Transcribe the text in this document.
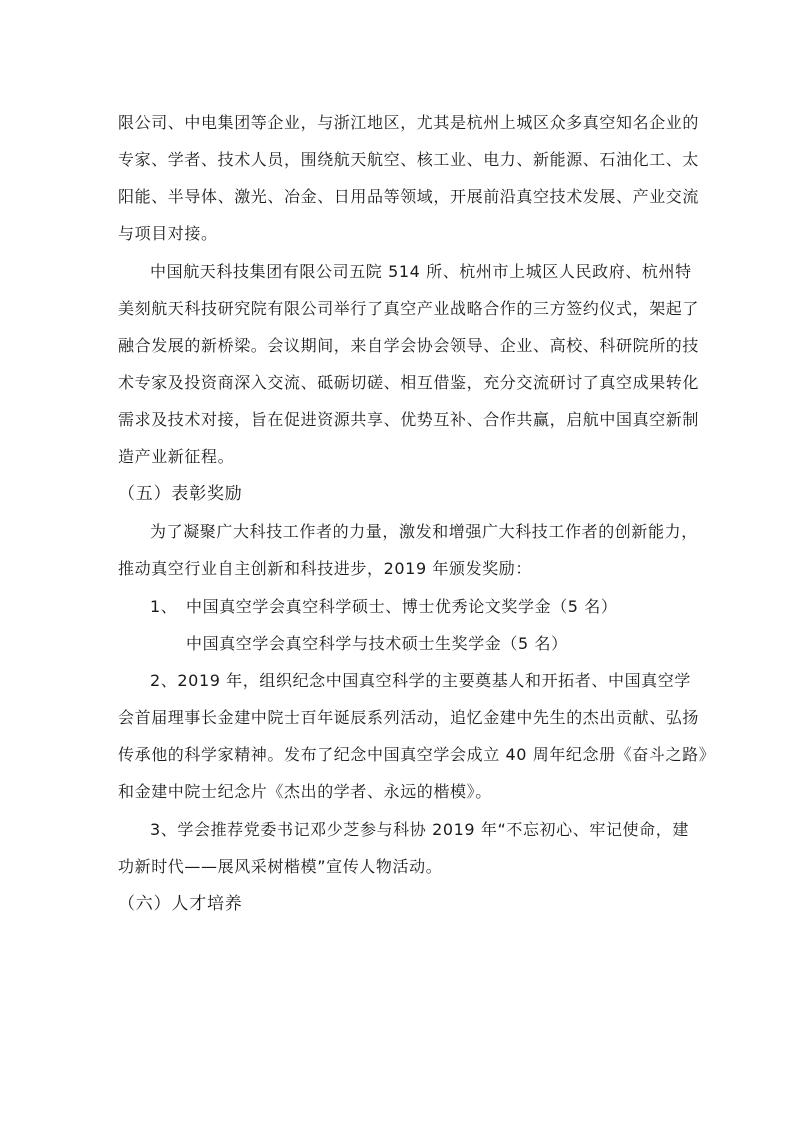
限公司、中电集团等企业，与浙江地区，尤其是杭州上城区众多真空知名企业的
专家、学者、技术人员，围绕航天航空、核工业、电力、新能源、石油化工、太
阳能、半导体、激光、冶金、日用品等领域，开展前沿真空技术发展、产业交流
与项目对接。
中国航天科技集团有限公司五院 514 所、杭州市上城区人民政府、杭州特
美刻航天科技研究院有限公司举行了真空产业战略合作的三方签约仪式，架起了
融合发展的新桥梁。会议期间，来自学会协会领导、企业、高校、科研院所的技
术专家及投资商深入交流、砥砺切磋、相互借鉴，充分交流研讨了真空成果转化
需求及技术对接，旨在促进资源共享、优势互补、合作共赢，启航中国真空新制
造产业新征程。
（五）表彰奖励
为了凝聚广大科技工作者的力量，激发和增强广大科技工作者的创新能力，
推动真空行业自主创新和科技进步，2019 年颁发奖励：
1、 中国真空学会真空科学硕士、博士优秀论文奖学金（5 名）
中国真空学会真空科学与技术硕士生奖学金（5 名）
2、2019 年，组织纪念中国真空科学的主要奠基人和开拓者、中国真空学
会首届理事长金建中院士百年诞辰系列活动，追忆金建中先生的杰出贡献、弘扬
传承他的科学家精神。发布了纪念中国真空学会成立 40 周年纪念册《奋斗之路》
和金建中院士纪念片《杰出的学者、永远的楷模》。
3、学会推荐党委书记邓少芝参与科协 2019 年“不忘初心、牢记使命，建
功新时代——展风采树楷模”宣传人物活动。
（六）人才培养
